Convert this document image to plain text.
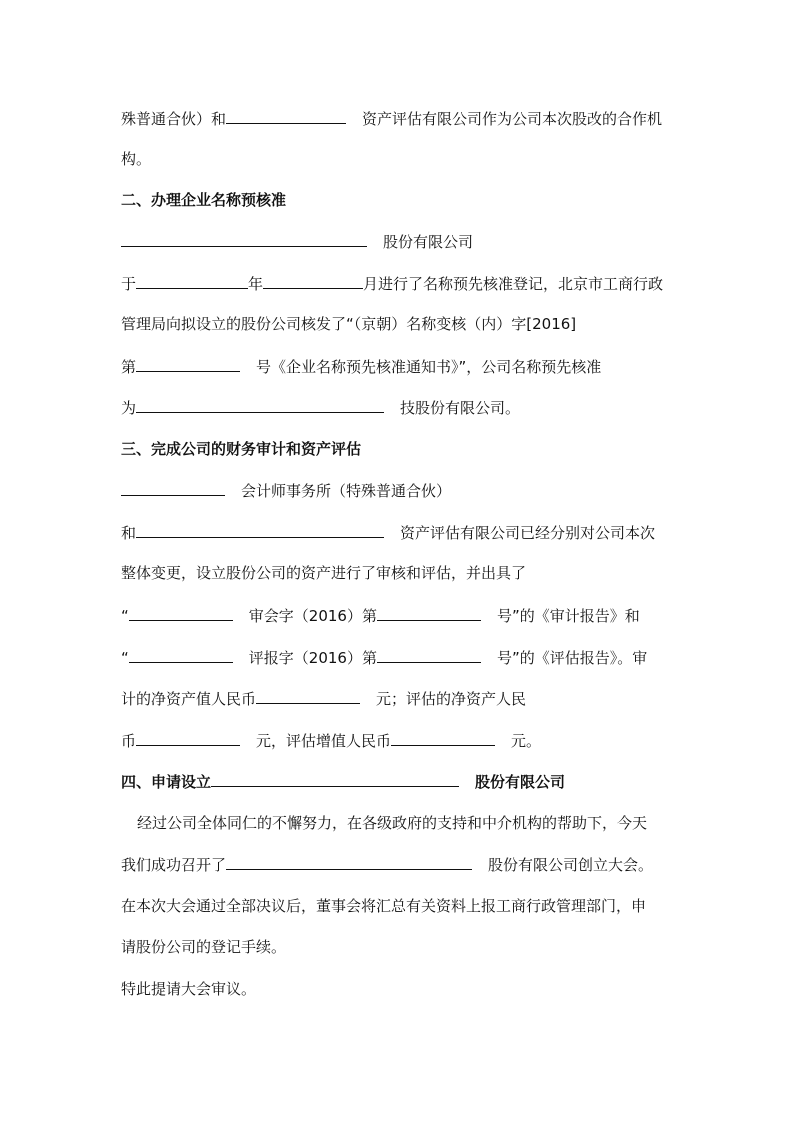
殊普通合伙）和	资产评估有限公司作为公司本次股改的合作机
构。
二、办理企业名称预核准
股份有限公司
于	年	月进行了名称预先核准登记，北京市工商行政
管理局向拟设立的股份公司核发了“（京朝）名称变核（内）字[2016]
第	号《企业名称预先核准通知书》”，公司名称预先核准
为	技股份有限公司。
三、完成公司的财务审计和资产评估
会计师事务所（特殊普通合伙）
和	资产评估有限公司已经分别对公司本次
整体变更，设立股份公司的资产进行了审核和评估，并出具了
“	审会字（2016）第	号”的《审计报告》和
“	评报字（2016）第	号”的《评估报告》。审
计的净资产值人民币	元；评估的净资产人民
币	元，评估增值人民币	元。
四、申请设立	股份有限公司
经过公司全体同仁的不懈努力，在各级政府的支持和中介机构的帮助下，今天
我们成功召开了	股份有限公司创立大会。
在本次大会通过全部决议后，董事会将汇总有关资料上报工商行政管理部门，申
请股份公司的登记手续。
特此提请大会审议。
